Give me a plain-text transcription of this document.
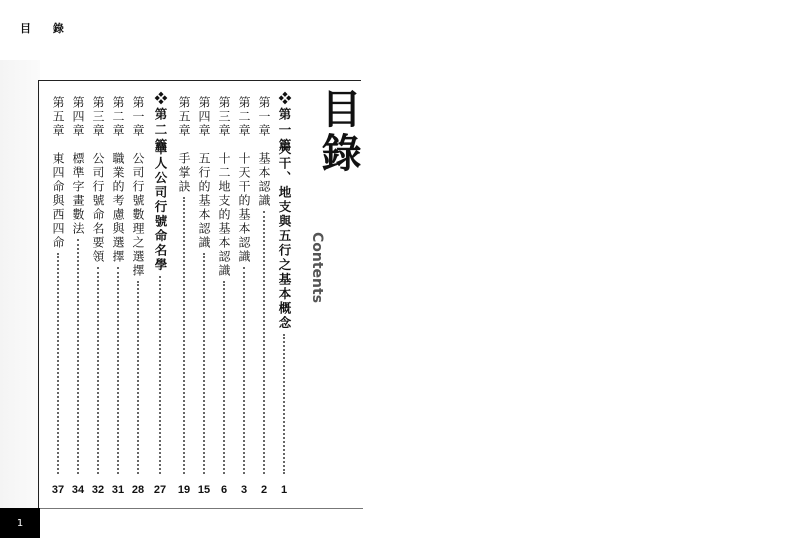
目 錄
1
目錄
Contents
❖第一篇
天干、地支與五行之基本概念
1
第一章
基本認識
2
第二章
十天干的基本認識
3
第三章
十二地支的基本認識
6
第四章
五行的基本認識
15
第五章
手掌訣
19
❖第二篇
華人公司行號命名學
27
第一章
公司行號數理之選擇
28
第二章
職業的考慮與選擇
31
第三章
公司行號命名要領
32
第四章
標準字畫數法
34
第五章
東四命與西四命
37
